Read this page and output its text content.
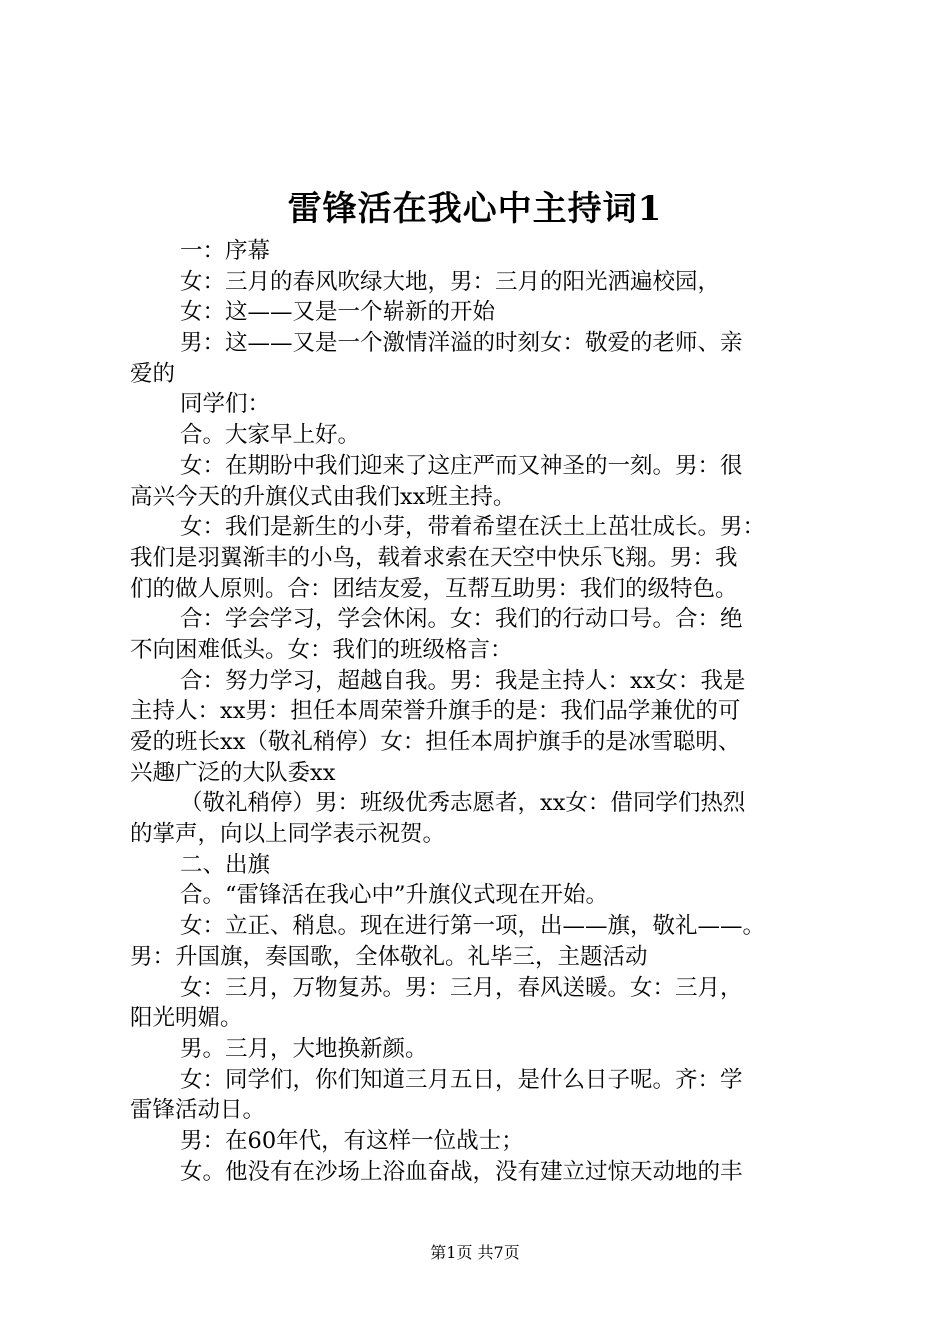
雷锋活在我心中主持词1
一：序幕
女：三月的春风吹绿大地，男：三月的阳光洒遍校园，
女：这——又是一个崭新的开始
男：这——又是一个激情洋溢的时刻女：敬爱的老师、亲
爱的
同学们：
合。大家早上好。
女：在期盼中我们迎来了这庄严而又神圣的一刻。男：很
高兴今天的升旗仪式由我们xx班主持。
女：我们是新生的小芽，带着希望在沃土上茁壮成长。男：
我们是羽翼渐丰的小鸟，载着求索在天空中快乐飞翔。男：我
们的做人原则。合：团结友爱，互帮互助男：我们的级特色。
合：学会学习，学会休闲。女：我们的行动口号。合：绝
不向困难低头。女：我们的班级格言：
合：努力学习，超越自我。男：我是主持人：xx女：我是
主持人：xx男：担任本周荣誉升旗手的是：我们品学兼优的可
爱的班长xx（敬礼稍停）女：担任本周护旗手的是冰雪聪明、
兴趣广泛的大队委xx
（敬礼稍停）男：班级优秀志愿者，xx女：借同学们热烈
的掌声，向以上同学表示祝贺。
二、出旗
合。“雷锋活在我心中”升旗仪式现在开始。
女：立正、稍息。现在进行第一项，出——旗，敬礼——。
男：升国旗，奏国歌，全体敬礼。礼毕三，主题活动
女：三月，万物复苏。男：三月，春风送暖。女：三月，
阳光明媚。
男。三月，大地换新颜。
女：同学们，你们知道三月五日，是什么日子呢。齐：学
雷锋活动日。
男：在60年代，有这样一位战士；
女。他没有在沙场上浴血奋战，没有建立过惊天动地的丰
第1页 共7页
